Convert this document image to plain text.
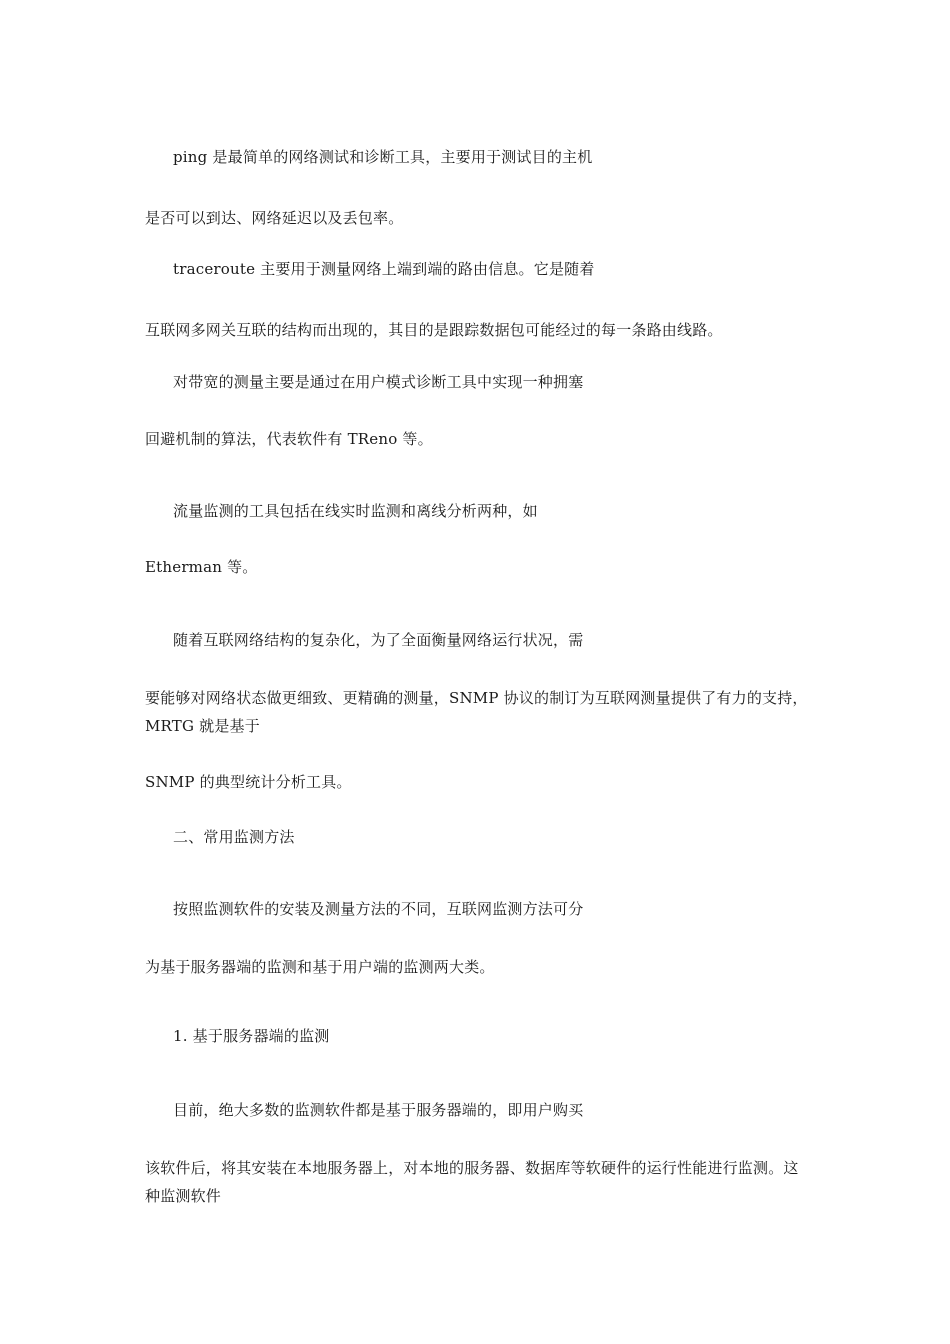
ping 是最简单的网络测试和诊断工具，主要用于测试目的主机

是否可以到达、网络延迟以及丢包率。

traceroute 主要用于测量网络上端到端的路由信息。它是随着

互联网多网关互联的结构而出现的，其目的是跟踪数据包可能经过的每一条路由线路。

对带宽的测量主要是通过在用户模式诊断工具中实现一种拥塞

回避机制的算法，代表软件有 TReno 等。

流量监测的工具包括在线实时监测和离线分析两种，如

Etherman 等。

随着互联网络结构的复杂化，为了全面衡量网络运行状况，需

要能够对网络状态做更细致、更精确的测量，SNMP 协议的制订为互联网测量提供了有力的支持，MRTG 就是基于

SNMP 的典型统计分析工具。

二、常用监测方法

按照监测软件的安装及测量方法的不同，互联网监测方法可分

为基于服务器端的监测和基于用户端的监测两大类。

1. 基于服务器端的监测

目前，绝大多数的监测软件都是基于服务器端的，即用户购买

该软件后，将其安装在本地服务器上，对本地的服务器、数据库等软硬件的运行性能进行监测。这种监测软件
